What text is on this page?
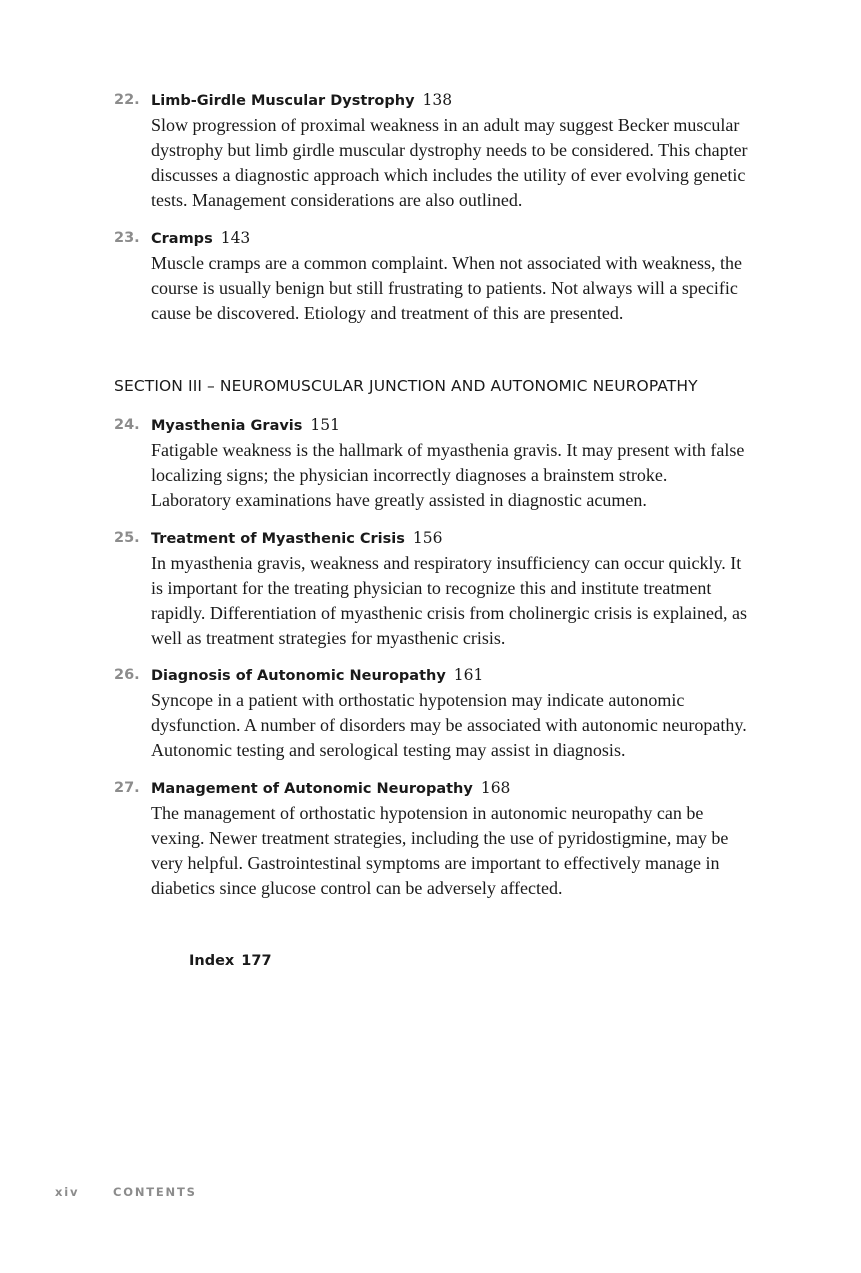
22. Limb-Girdle Muscular Dystrophy 138
Slow progression of proximal weakness in an adult may suggest Becker muscular dystrophy but limb girdle muscular dystrophy needs to be considered. This chapter discusses a diagnostic approach which includes the utility of ever evolving genetic tests. Management considerations are also outlined.
23. Cramps 143
Muscle cramps are a common complaint. When not associated with weakness, the course is usually benign but still frustrating to patients. Not always will a specific cause be discovered. Etiology and treatment of this are presented.
SECTION III – NEUROMUSCULAR JUNCTION AND AUTONOMIC NEUROPATHY
24. Myasthenia Gravis 151
Fatigable weakness is the hallmark of myasthenia gravis. It may present with false localizing signs; the physician incorrectly diagnoses a brainstem stroke. Laboratory examinations have greatly assisted in diagnostic acumen.
25. Treatment of Myasthenic Crisis 156
In myasthenia gravis, weakness and respiratory insufficiency can occur quickly. It is important for the treating physician to recognize this and institute treatment rapidly. Differentiation of myasthenic crisis from cholinergic crisis is explained, as well as treatment strategies for myasthenic crisis.
26. Diagnosis of Autonomic Neuropathy 161
Syncope in a patient with orthostatic hypotension may indicate autonomic dysfunction. A number of disorders may be associated with autonomic neuropathy. Autonomic testing and serological testing may assist in diagnosis.
27. Management of Autonomic Neuropathy 168
The management of orthostatic hypotension in autonomic neuropathy can be vexing. Newer treatment strategies, including the use of pyridostigmine, may be very helpful. Gastrointestinal symptoms are important to effectively manage in diabetics since glucose control can be adversely affected.
Index 177
xiv	CONTENTS
